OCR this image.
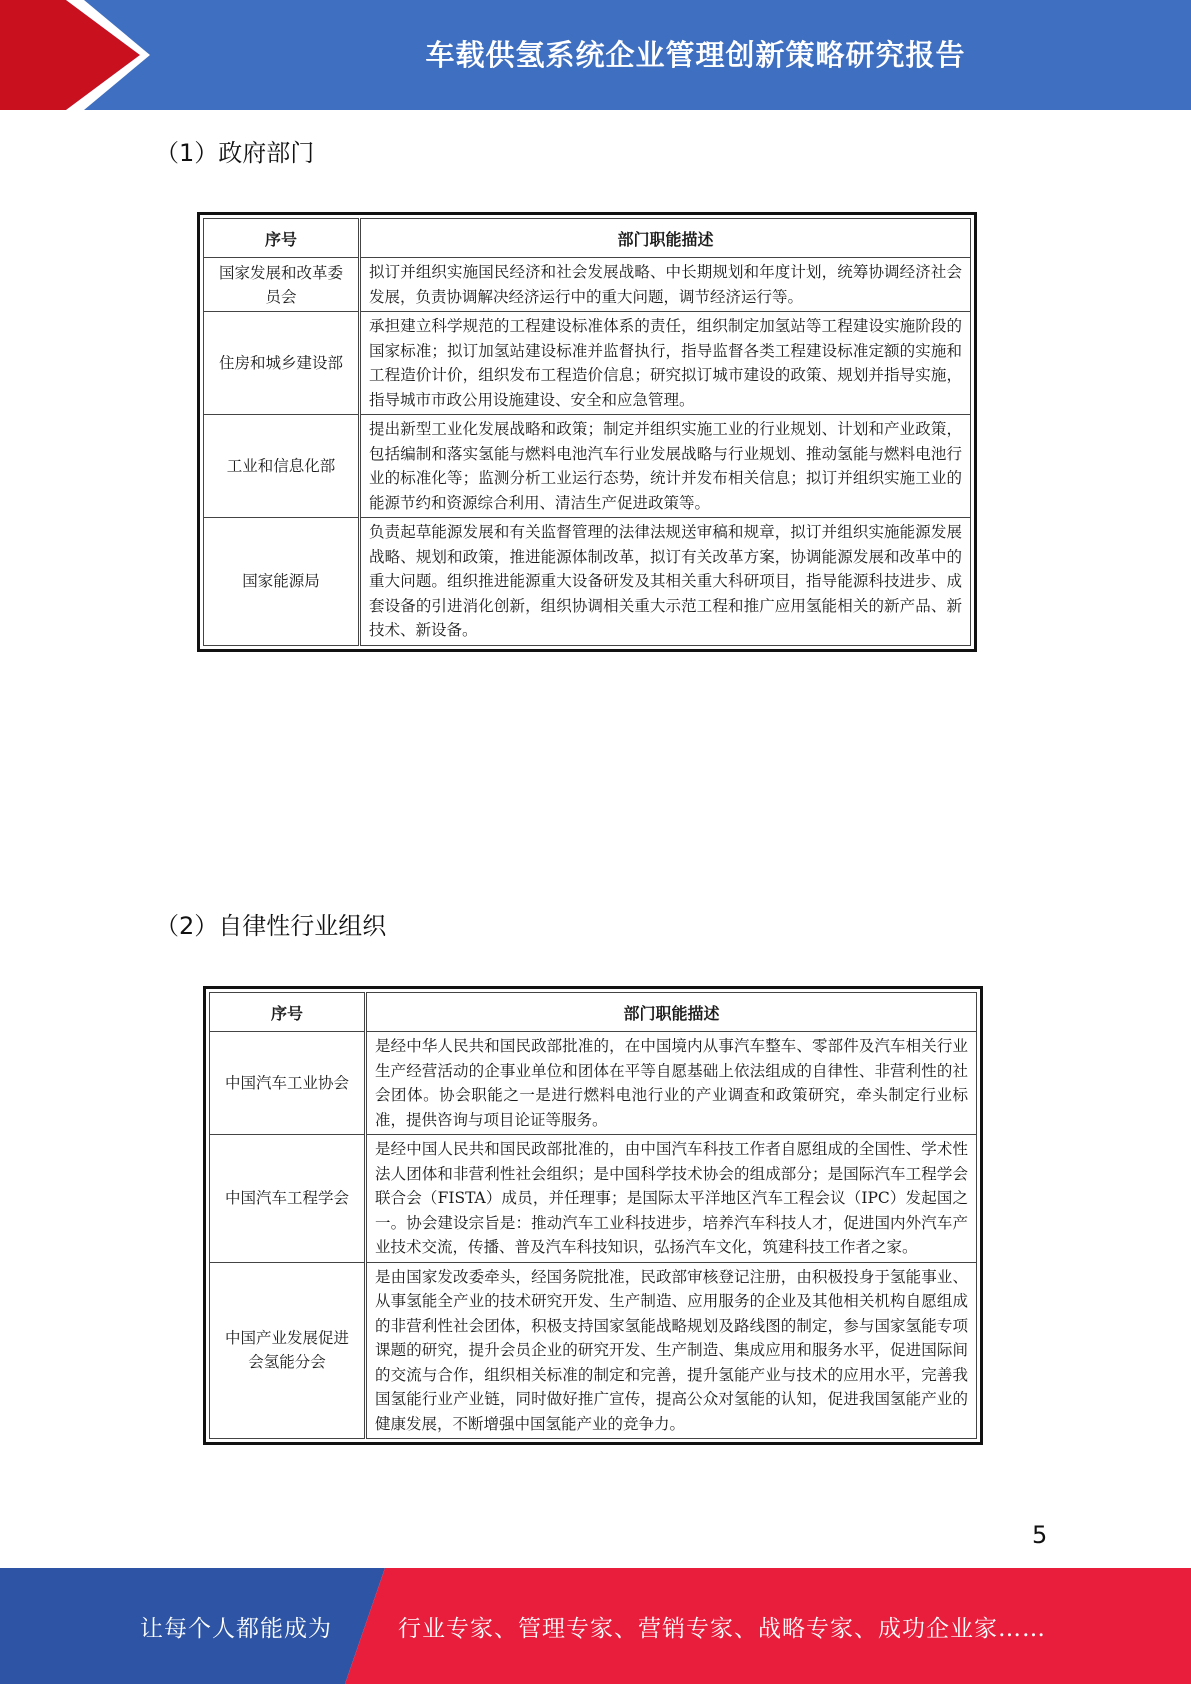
车载供氢系统企业管理创新策略研究报告
（1）政府部门
序号	部门职能描述
国家发展和改革委员会	拟订并组织实施国民经济和社会发展战略、中长期规划和年度计划，统筹协调经济社会发展，负责协调解决经济运行中的重大问题，调节经济运行等。
住房和城乡建设部	承担建立科学规范的工程建设标准体系的责任，组织制定加氢站等工程建设实施阶段的国家标准；拟订加氢站建设标准并监督执行，指导监督各类工程建设标准定额的实施和工程造价计价，组织发布工程造价信息；研究拟订城市建设的政策、规划并指导实施，指导城市市政公用设施建设、安全和应急管理。
工业和信息化部	提出新型工业化发展战略和政策；制定并组织实施工业的行业规划、计划和产业政策，包括编制和落实氢能与燃料电池汽车行业发展战略与行业规划、推动氢能与燃料电池行业的标准化等；监测分析工业运行态势，统计并发布相关信息；拟订并组织实施工业的能源节约和资源综合利用、清洁生产促进政策等。
国家能源局	负责起草能源发展和有关监督管理的法律法规送审稿和规章，拟订并组织实施能源发展战略、规划和政策，推进能源体制改革，拟订有关改革方案，协调能源发展和改革中的重大问题。组织推进能源重大设备研发及其相关重大科研项目，指导能源科技进步、成套设备的引进消化创新，组织协调相关重大示范工程和推广应用氢能相关的新产品、新技术、新设备。
（2）自律性行业组织
序号	部门职能描述
中国汽车工业协会	是经中华人民共和国民政部批准的，在中国境内从事汽车整车、零部件及汽车相关行业生产经营活动的企事业单位和团体在平等自愿基础上依法组成的自律性、非营利性的社会团体。协会职能之一是进行燃料电池行业的产业调查和政策研究，牵头制定行业标准，提供咨询与项目论证等服务。
中国汽车工程学会	是经中国人民共和国民政部批准的，由中国汽车科技工作者自愿组成的全国性、学术性法人团体和非营利性社会组织；是中国科学技术协会的组成部分；是国际汽车工程学会联合会（FISTA）成员，并任理事；是国际太平洋地区汽车工程会议（IPC）发起国之一。协会建设宗旨是：推动汽车工业科技进步，培养汽车科技人才，促进国内外汽车产业技术交流，传播、普及汽车科技知识，弘扬汽车文化，筑建科技工作者之家。
中国产业发展促进会氢能分会	是由国家发改委牵头，经国务院批准，民政部审核登记注册，由积极投身于氢能事业、从事氢能全产业的技术研究开发、生产制造、应用服务的企业及其他相关机构自愿组成的非营利性社会团体，积极支持国家氢能战略规划及路线图的制定，参与国家氢能专项课题的研究，提升会员企业的研究开发、生产制造、集成应用和服务水平，促进国际间的交流与合作，组织相关标准的制定和完善，提升氢能产业与技术的应用水平，完善我国氢能行业产业链，同时做好推广宣传，提高公众对氢能的认知，促进我国氢能产业的健康发展，不断增强中国氢能产业的竞争力。
5
让每个人都能成为	行业专家、管理专家、营销专家、战略专家、成功企业家……
